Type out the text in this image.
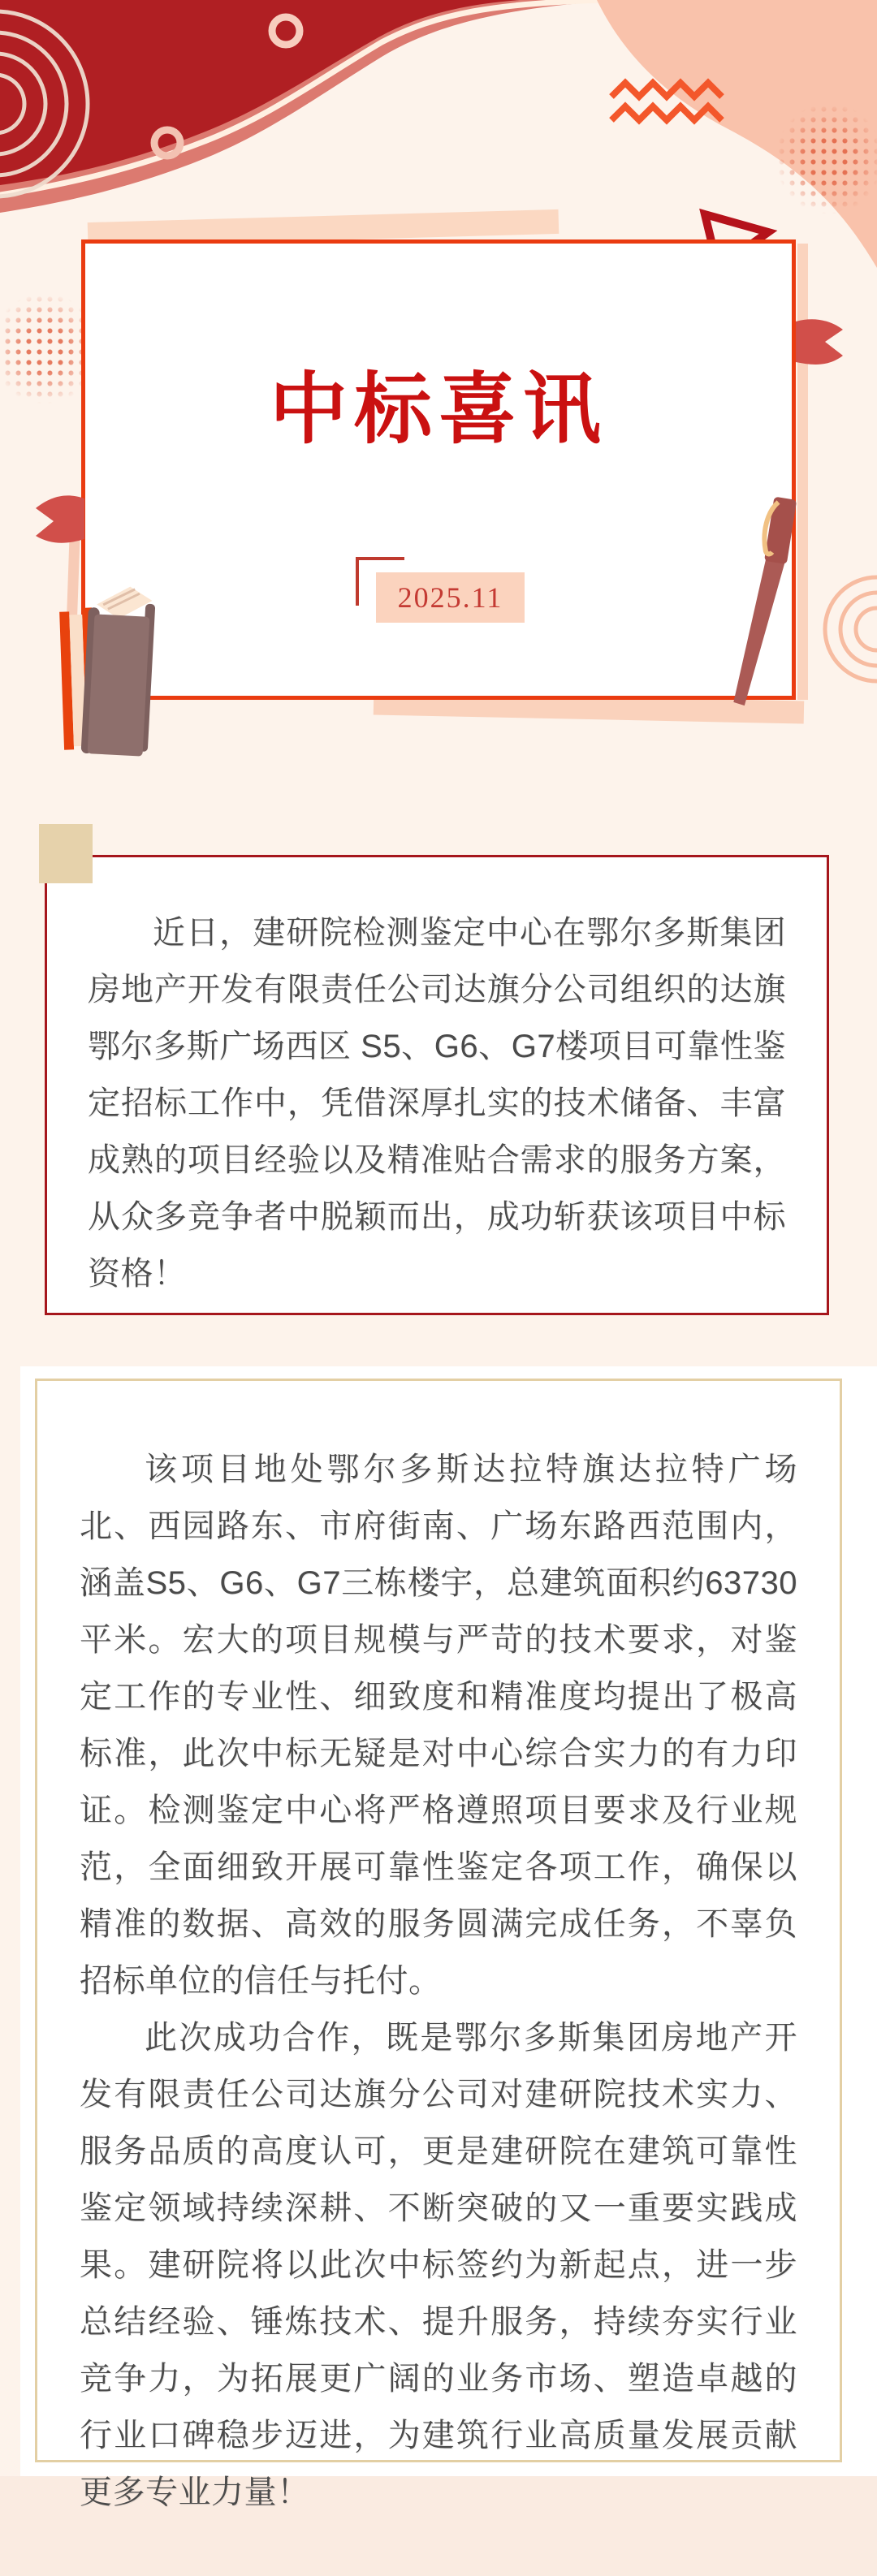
中标喜讯
2025.11

近日，建研院检测鉴定中心在鄂尔多斯集团房地产开发有限责任公司达旗分公司组织的达旗鄂尔多斯广场西区 S5、G6、G7楼项目可靠性鉴定招标工作中，凭借深厚扎实的技术储备、丰富成熟的项目经验以及精准贴合需求的服务方案，从众多竞争者中脱颖而出，成功斩获该项目中标资格！

该项目地处鄂尔多斯达拉特旗达拉特广场北、西园路东、市府街南、广场东路西范围内，涵盖S5、G6、G7三栋楼宇，总建筑面积约63730平米。宏大的项目规模与严苛的技术要求，对鉴定工作的专业性、细致度和精准度均提出了极高标准，此次中标无疑是对中心综合实力的有力印证。检测鉴定中心将严格遵照项目要求及行业规范，全面细致开展可靠性鉴定各项工作，确保以精准的数据、高效的服务圆满完成任务，不辜负招标单位的信任与托付。

此次成功合作，既是鄂尔多斯集团房地产开发有限责任公司达旗分公司对建研院技术实力、服务品质的高度认可，更是建研院在建筑可靠性鉴定领域持续深耕、不断突破的又一重要实践成果。建研院将以此次中标签约为新起点，进一步总结经验、锤炼技术、提升服务，持续夯实行业竞争力，为拓展更广阔的业务市场、塑造卓越的行业口碑稳步迈进，为建筑行业高质量发展贡献更多专业力量！
